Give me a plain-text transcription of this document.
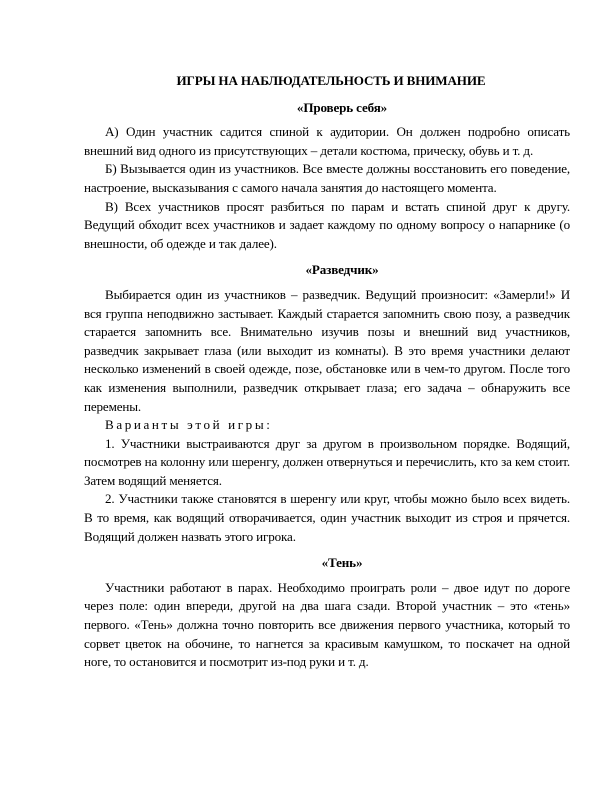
ИГРЫ НА НАБЛЮДАТЕЛЬНОСТЬ И ВНИМАНИЕ
«Проверь себя»

А) Один участник садится спиной к аудитории. Он должен подробно описать внешний вид одного из присутствующих – детали костюма, прическу, обувь и т. д.

Б) Вызывается один из участников. Все вместе должны восстановить его поведение, настроение, высказывания с самого начала занятия до настоящего момента.

В) Всех участников просят разбиться по парам и встать спиной друг к другу. Ведущий обходит всех участников и задает каждому по одному вопросу о напарнике (о внешности, об одежде и так далее).

«Разведчик»

Выбирается один из участников – разведчик. Ведущий произносит: «Замерли!» И вся группа неподвижно застывает. Каждый старается запомнить свою позу, а разведчик старается запомнить все. Внимательно изучив позы и внешний вид участников, разведчик закрывает глаза (или выходит из комнаты). В это время участники делают несколько изменений в своей одежде, позе, обстановке или в чем-то другом. После того как изменения выполнили, разведчик открывает глаза; его задача – обнаружить все перемены.

Варианты этой игры:

1. Участники выстраиваются друг за другом в произвольном порядке. Водящий, посмотрев на колонну или шеренгу, должен отвернуться и перечислить, кто за кем стоит. Затем водящий меняется.

2. Участники также становятся в шеренгу или круг, чтобы можно было всех видеть. В то время, как водящий отворачивается, один участник выходит из строя и прячется. Водящий должен назвать этого игрока.

«Тень»

Участники работают в парах. Необходимо проиграть роли – двое идут по дороге через поле: один впереди, другой на два шага сзади. Второй участник – это «тень» первого. «Тень» должна точно повторить все движения первого участника, который то сорвет цветок на обочине, то нагнется за красивым камушком, то поскачет на одной ноге, то остановится и посмотрит из-под руки и т. д.
